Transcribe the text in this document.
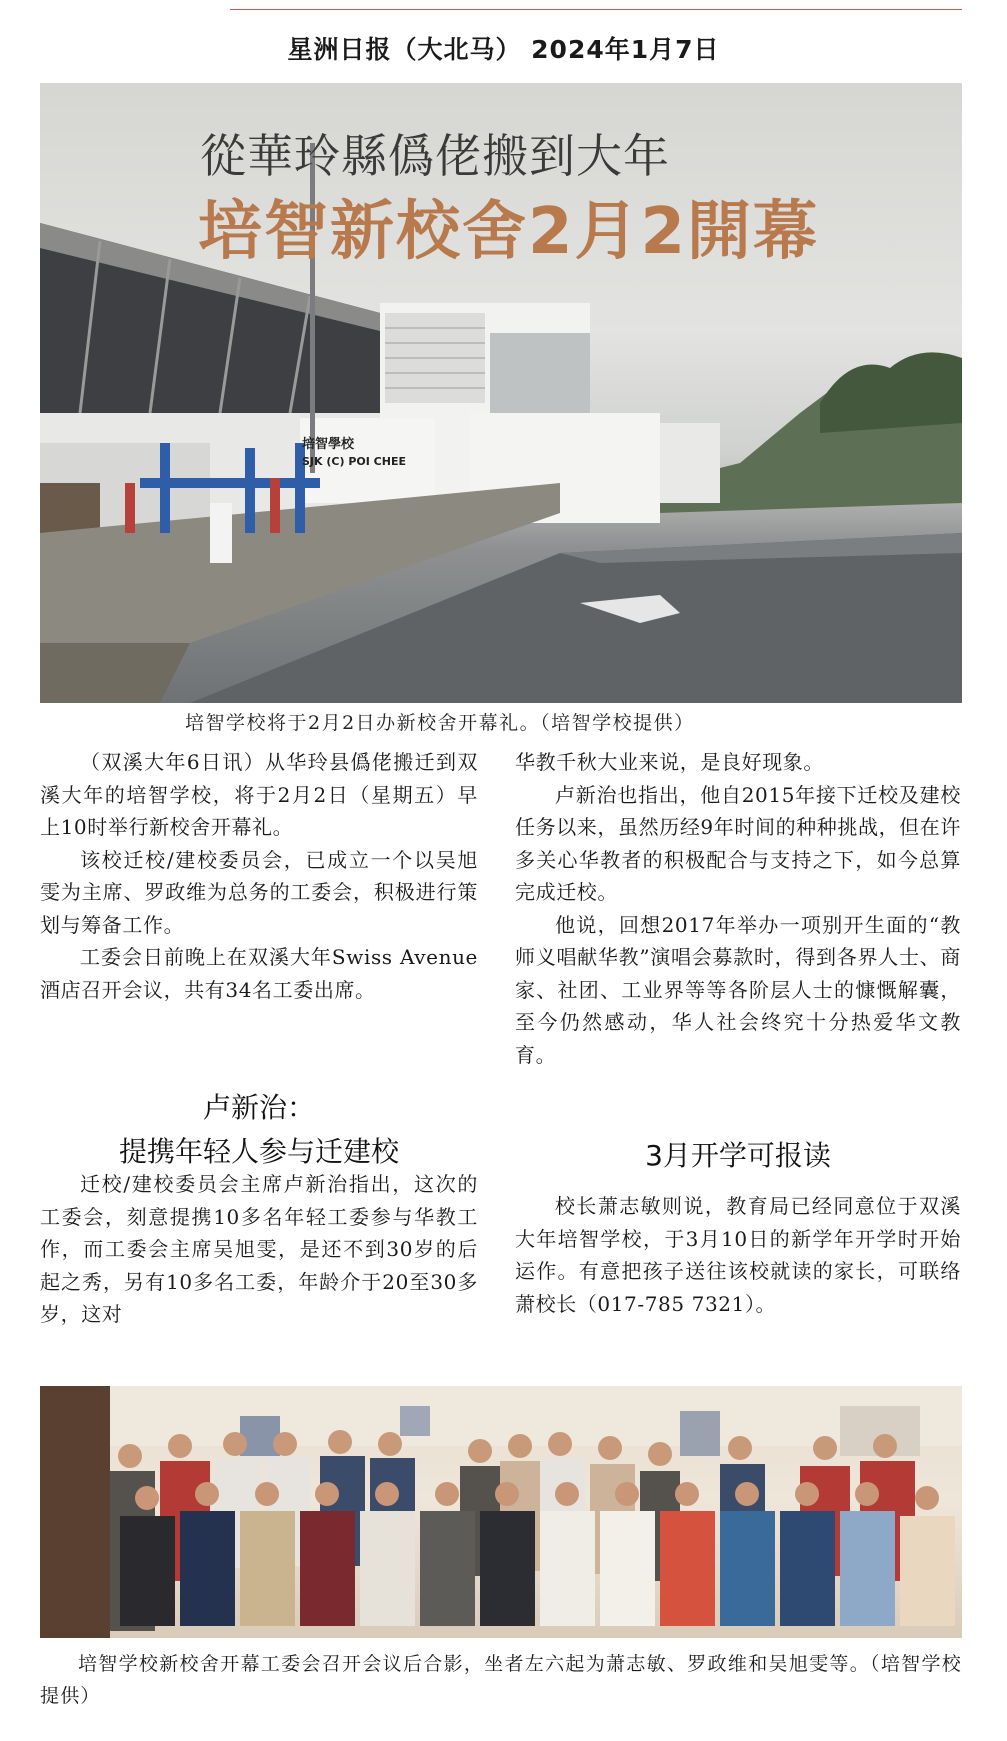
星洲日报（大北马） 2024年1月7日
培智學校
SJK (C) POI CHEE
從華玲縣僞佬搬到大年
培智新校舍2月2開幕
培智学校将于2月2日办新校舍开幕礼。（培智学校提供）

（双溪大年6日讯）从华玲县僞佬搬迁到双溪大年的培智学校，将于2月2日（星期五）早上10时举行新校舍开幕礼。

该校迁校/建校委员会，已成立一个以吴旭雯为主席、罗政维为总务的工委会，积极进行策划与筹备工作。

工委会日前晚上在双溪大年Swiss Avenue酒店召开会议，共有34名工委出席。

卢新治：
提携年轻人参与迁建校

迁校/建校委员会主席卢新治指出，这次的工委会，刻意提携10多名年轻工委参与华教工作，而工委会主席吴旭雯，是还不到30岁的后起之秀，另有10多名工委，年龄介于20至30多岁，这对

华教千秋大业来说，是良好现象。

卢新治也指出，他自2015年接下迁校及建校任务以来，虽然历经9年时间的种种挑战，但在许多关心华教者的积极配合与支持之下，如今总算完成迁校。

他说，回想2017年举办一项别开生面的“教师义唱献华教”演唱会募款时，得到各界人士、商家、社团、工业界等等各阶层人士的慷慨解囊，至今仍然感动，华人社会终究十分热爱华文教育。

3月开学可报读

校长萧志敏则说，教育局已经同意位于双溪大年培智学校，于3月10日的新学年开学时开始运作。有意把孩子送往该校就读的家长，可联络萧校长（017-785 7321）。

培智学校新校舍开幕工委会召开会议后合影，坐者左六起为萧志敏、罗政维和吴旭雯等。（培智学校提供）
